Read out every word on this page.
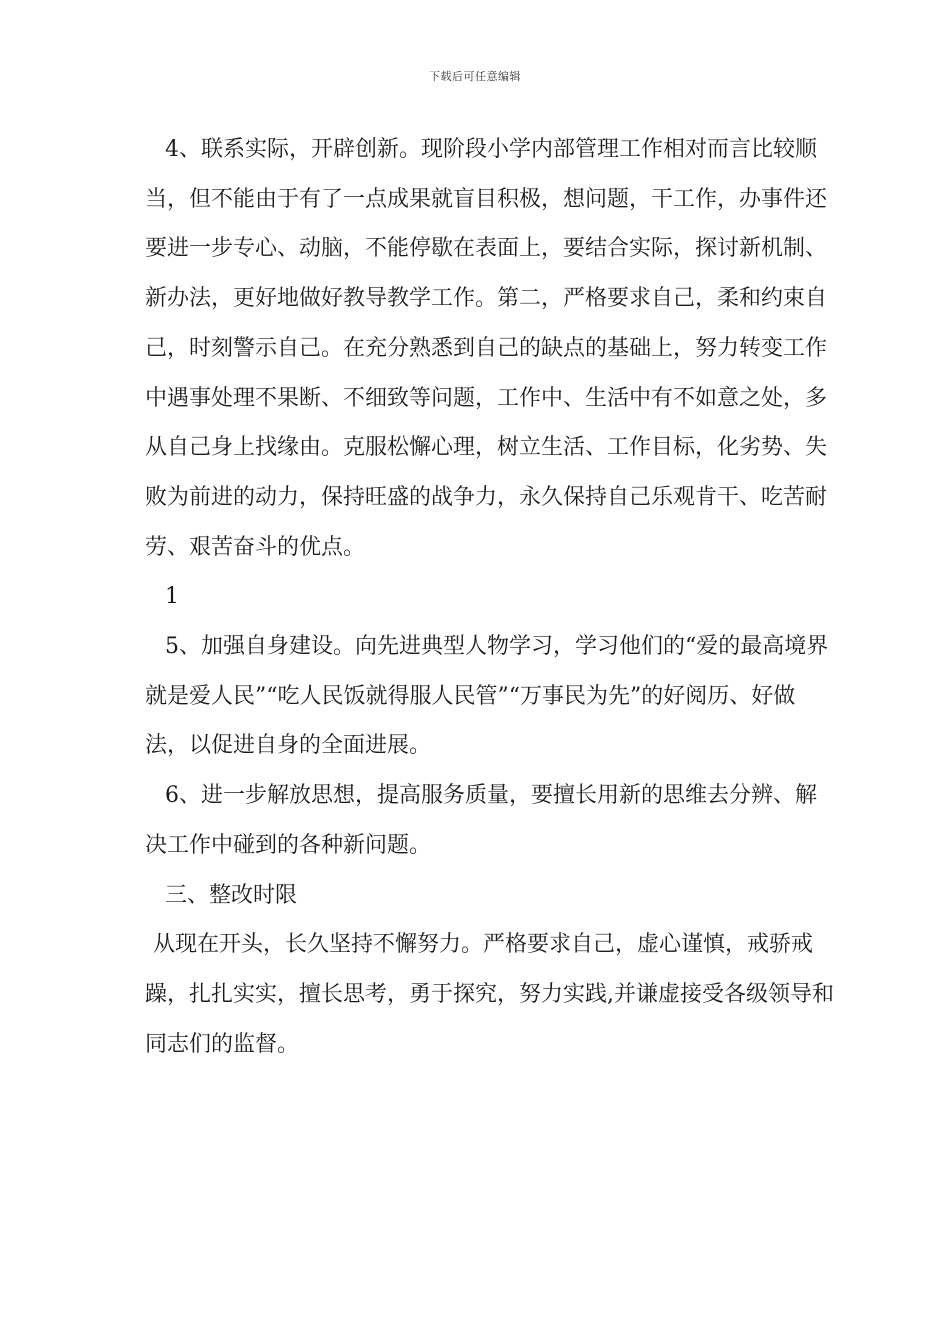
下载后可任意编辑

4、联系实际，开辟创新。现阶段小学内部管理工作相对而言比较顺当，但不能由于有了一点成果就盲目积极，想问题，干工作，办事件还要进一步专心、动脑，不能停歇在表面上，要结合实际，探讨新机制、新办法，更好地做好教导教学工作。第二，严格要求自己，柔和约束自己，时刻警示自己。在充分熟悉到自己的缺点的基础上，努力转变工作中遇事处理不果断、不细致等问题，工作中、生活中有不如意之处，多从自己身上找缘由。克服松懈心理，树立生活、工作目标，化劣势、失败为前进的动力，保持旺盛的战争力，永久保持自己乐观肯干、吃苦耐劳、艰苦奋斗的优点。

1

5、加强自身建设。向先进典型人物学习，学习他们的“爱的最高境界就是爱人民”“吃人民饭就得服人民管”“万事民为先”的好阅历、好做法，以促进自身的全面进展。

6、进一步解放思想，提高服务质量，要擅长用新的思维去分辨、解决工作中碰到的各种新问题。

三、整改时限

从现在开头，长久坚持不懈努力。严格要求自己，虚心谨慎，戒骄戒躁，扎扎实实，擅长思考，勇于探究，努力实践,并谦虚接受各级领导和同志们的监督。
